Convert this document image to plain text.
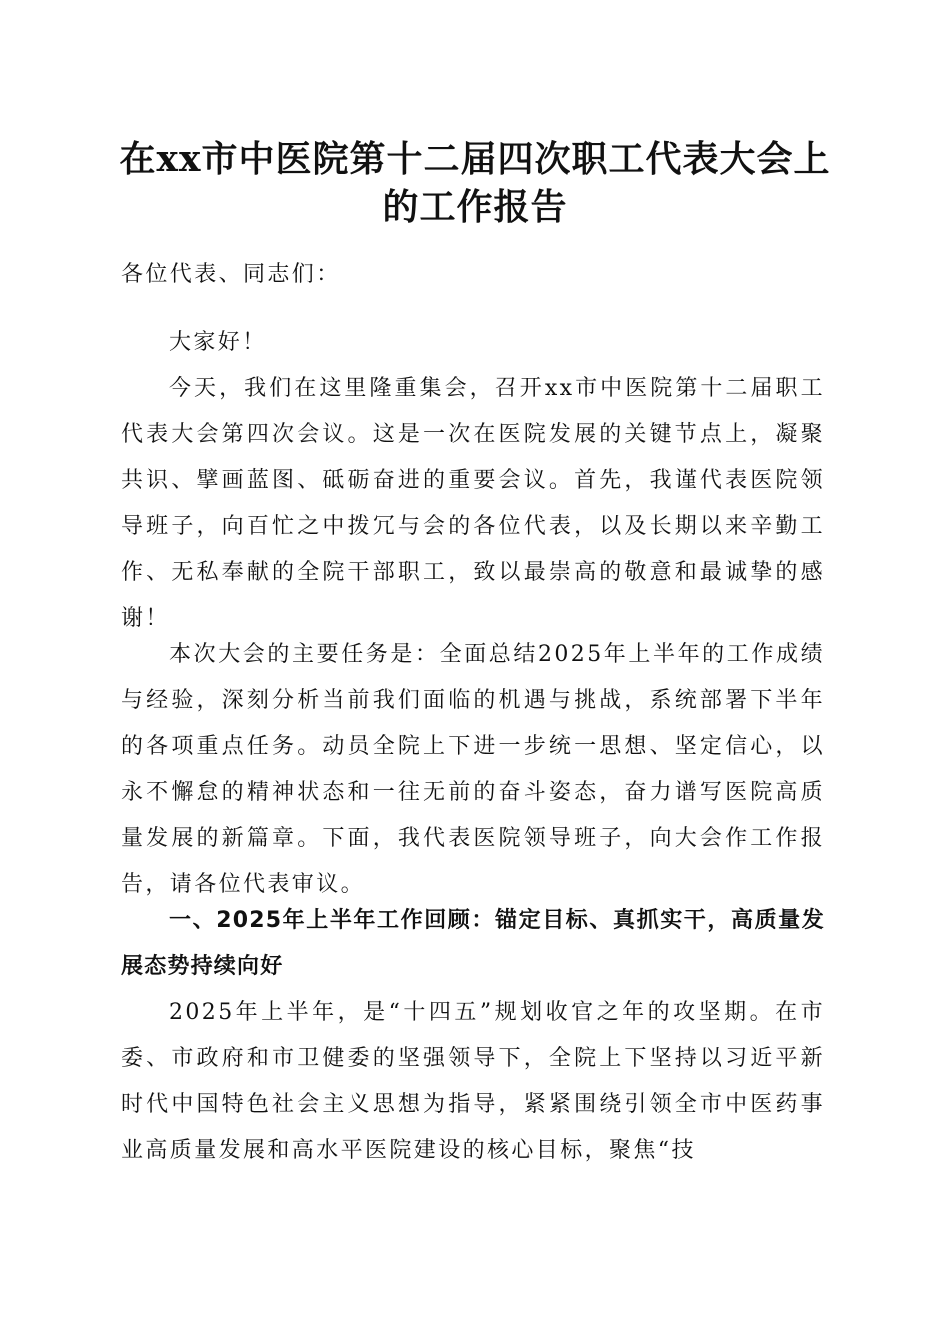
在xx市中医院第十二届四次职工代表大会上
的工作报告

各位代表、同志们：

大家好！

今天，我们在这里隆重集会，召开xx市中医院第十二届职工代表大会第四次会议。这是一次在医院发展的关键节点上，凝聚共识、擘画蓝图、砥砺奋进的重要会议。首先，我谨代表医院领导班子，向百忙之中拨冗与会的各位代表，以及长期以来辛勤工作、无私奉献的全院干部职工，致以最崇高的敬意和最诚挚的感谢！

本次大会的主要任务是：全面总结2025年上半年的工作成绩与经验，深刻分析当前我们面临的机遇与挑战，系统部署下半年的各项重点任务。动员全院上下进一步统一思想、坚定信心，以永不懈怠的精神状态和一往无前的奋斗姿态，奋力谱写医院高质量发展的新篇章。下面，我代表医院领导班子，向大会作工作报告，请各位代表审议。

一、2025年上半年工作回顾：锚定目标、真抓实干，高质量发展态势持续向好

2025年上半年，是“十四五”规划收官之年的攻坚期。在市委、市政府和市卫健委的坚强领导下，全院上下坚持以习近平新时代中国特色社会主义思想为指导，紧紧围绕引领全市中医药事业高质量发展和高水平医院建设的核心目标，聚焦“技
